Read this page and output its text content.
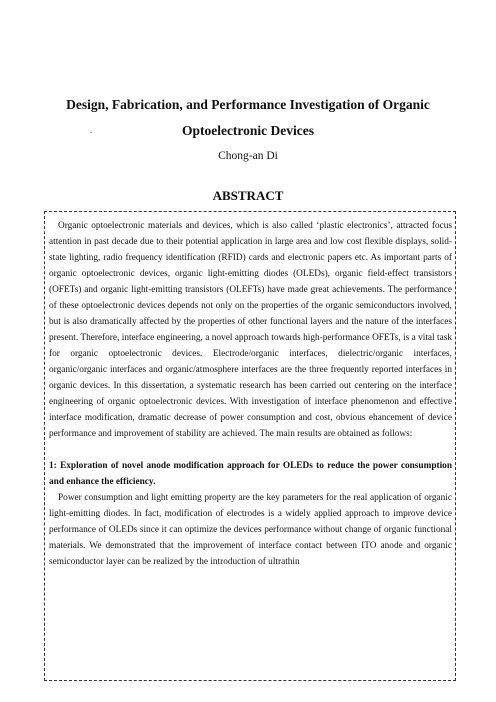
Design, Fabrication, and Performance Investigation of Organic
.	Optoelectronic Devices
Chong-an Di
ABSTRACT

Organic optoelectronic materials and devices, which is also called ‘plastic electronics’, attracted focus attention in past decade due to their potential application in large area and low cost flexible displays, solid-state lighting, radio frequency identification (RFID) cards and electronic papers etc. As important parts of organic optoelectronic devices, organic light-emitting diodes (OLEDs), organic field-effect transistors (OFETs) and organic light-emitting transistors (OLEFTs) have made great achievements. The performance of these optoelectronic devices depends not only on the properties of the organic semiconductors involved, but is also dramatically affected by the properties of other functional layers and the nature of the interfaces present. Therefore, interface engineering, a novel approach towards high-performance OFETs, is a vital task for organic optoelectronic devices. Electrode/organic interfaces, dielectric/organic interfaces, organic/organic interfaces and organic/atmosphere interfaces are the three frequently reported interfaces in organic devices. In this dissertation, a systematic research has been carried out centering on the interface engineering of organic optoelectronic devices. With investigation of interface phenomenon and effective interface modification, dramatic decrease of power consumption and cost, obvious ehancement of device performance and improvement of stability are achieved. The main results are obtained as follows:

1: Exploration of novel anode modification approach for OLEDs to reduce the power consumption and enhance the efficiency.

Power consumption and light emitting property are the key parameters for the real application of organic light-emitting diodes. In fact, modification of electrodes is a widely applied approach to improve device performance of OLEDs since it can optimize the devices performance without change of organic functional materials. We demonstrated that the improvement of interface contact between ITO anode and organic semiconductor layer can be realized by the introduction of ultrathin
